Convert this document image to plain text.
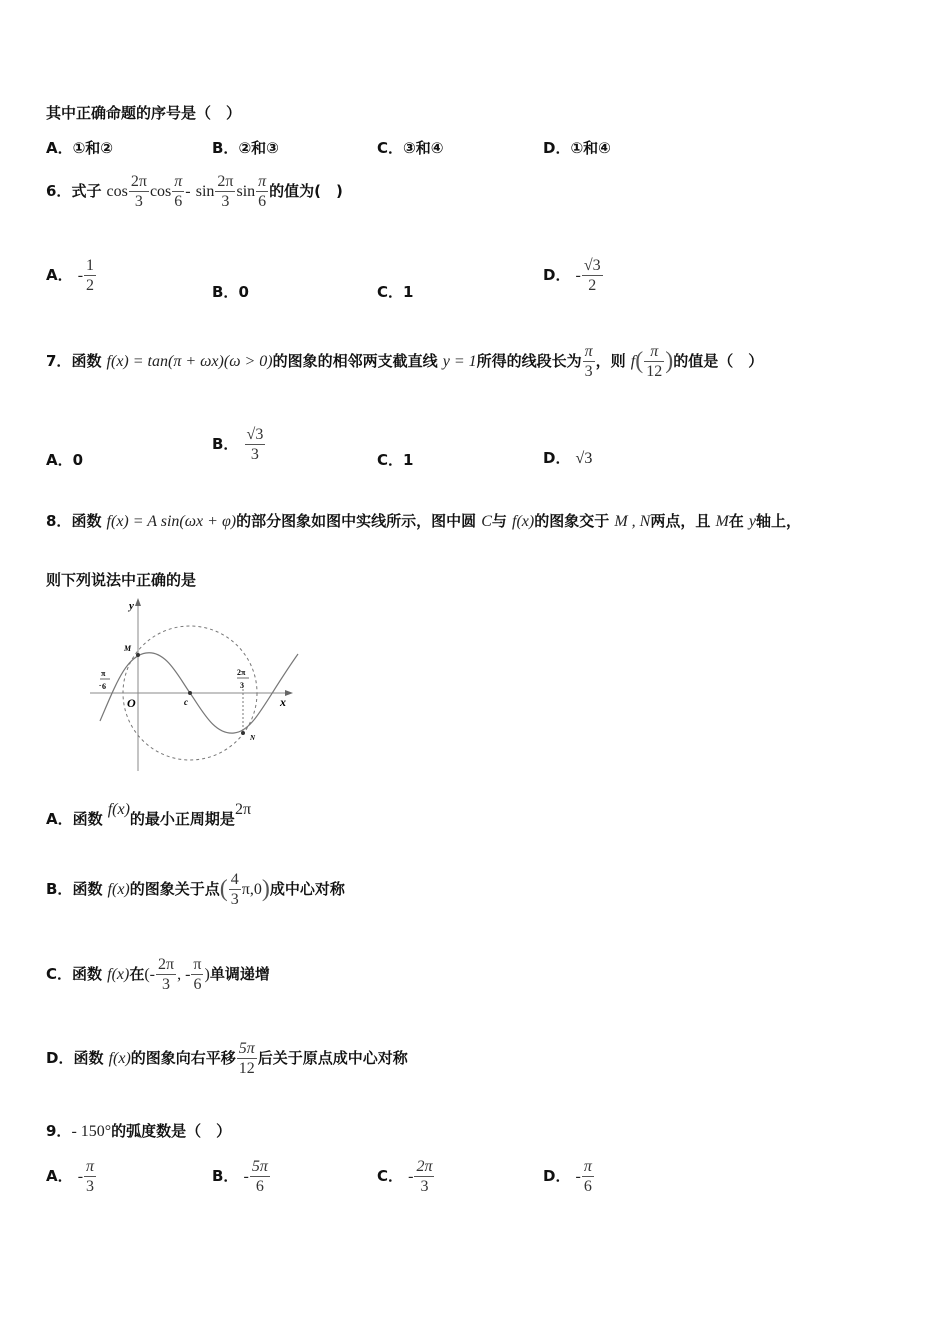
其中正确命题的序号是（　）
A．①和②	B．②和③	C．③和④	D．①和④
6．式子 $\cos \frac{2\pi}{3}$ $\cos \frac{\pi}{6}$ - $\sin \frac{2\pi}{3}$ $\sin \frac{\pi}{6}$ 的值为(　)
A． - $\frac{1}{2}$	B．0	C．1
D． - $\frac{√3}{2}$
7．函数 f(x) = tan(π + ωx)(ω > 0)的图象的相邻两支截直线 y = 1所得的线段长为 $\frac{\pi}{3}$ ，则 $f( \frac{\pi}{12}$ )的值是（　）
A．0
B． $\frac{√3}{3}$	C．1	D． √3
8．函数 f(x) = A sin(ωx + φ)的部分图象如图中实线所示，图中圆 C与 f(x)的图象交于 M , N两点，且 M在 y轴上，
则下列说法中正确的是
y
x
O
M
N
c
π
- 6
2π
3
A．函数 f(x)的最小正周期是2π
B．函数 f(x)的图象关于点( $\frac{4}{3} \pi,0$)成中心对称
C．函数 f(x)在(- $\frac{2\pi}{3}$ , - $\frac{\pi}{6}$ )单调递增
D．函数 f(x)的图象向右平移 $\frac{5\pi}{12}$ 后关于原点成中心对称
9．- 150°的弧度数是（　）
A． - $\frac{\pi}{3}$	B． - $\frac{5\pi}{6}$	C． - $\frac{2\pi}{3}$	D． - $\frac{\pi}{6}$
